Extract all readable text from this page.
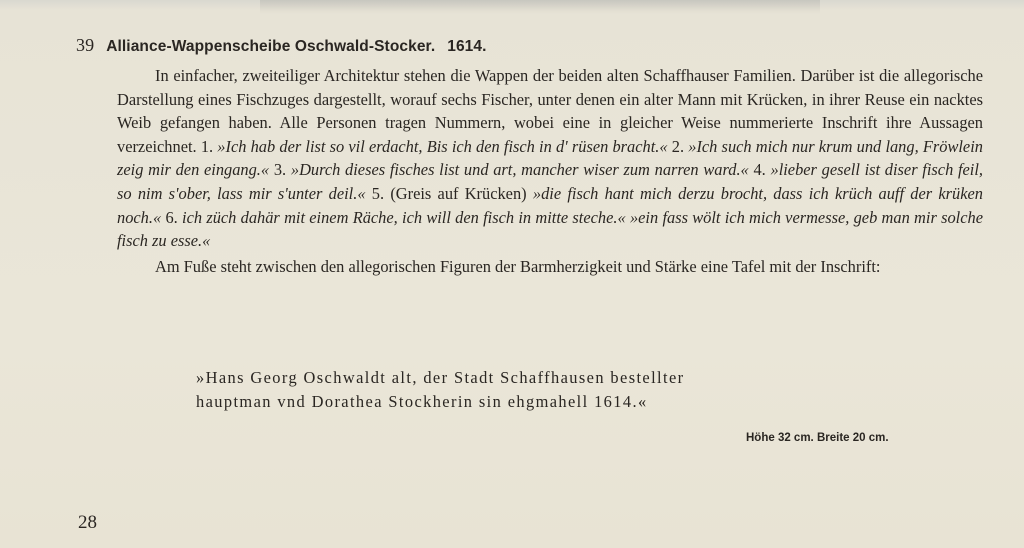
39 Alliance-Wappenscheibe Oschwald-Stocker. 1614.

In einfacher, zweiteiliger Architektur stehen die Wappen der beiden alten Schaffhauser Familien. Darüber ist die allegorische Darstellung eines Fischzuges dargestellt, worauf sechs Fischer, unter denen ein alter Mann mit Krücken, in ihrer Reuse ein nacktes Weib gefangen haben. Alle Personen tragen Nummern, wobei eine in gleicher Weise nummerierte Inschrift ihre Aussagen verzeichnet. 1. »Ich hab der list so vil erdacht, Bis ich den fisch in d' rüsen bracht.« 2. »Ich such mich nur krum und lang, Fröwlein zeig mir den eingang.« 3. »Durch dieses fisches list und art, mancher wiser zum narren ward.« 4. »lieber gesell ist diser fisch feil, so nim s'ober, lass mir s'unter deil.« 5. (Greis auf Krücken) »die fisch hant mich derzu brocht, dass ich krüch auff der krüken noch.« 6. ich züch dahär mit einem Räche, ich will den fisch in mitte steche.« »ein fass wölt ich mich vermesse, geb man mir solche fisch zu esse.«

Am Fuße steht zwischen den allegorischen Figuren der Barmherzigkeit und Stärke eine Tafel mit der Inschrift:

»Hans Georg Oschwaldt alt, der Stadt Schaffhausen bestellter
hauptman vnd Dorathea Stockherin sin ehgmahell 1614.«
Höhe 32 cm. Breite 20 cm.
28
